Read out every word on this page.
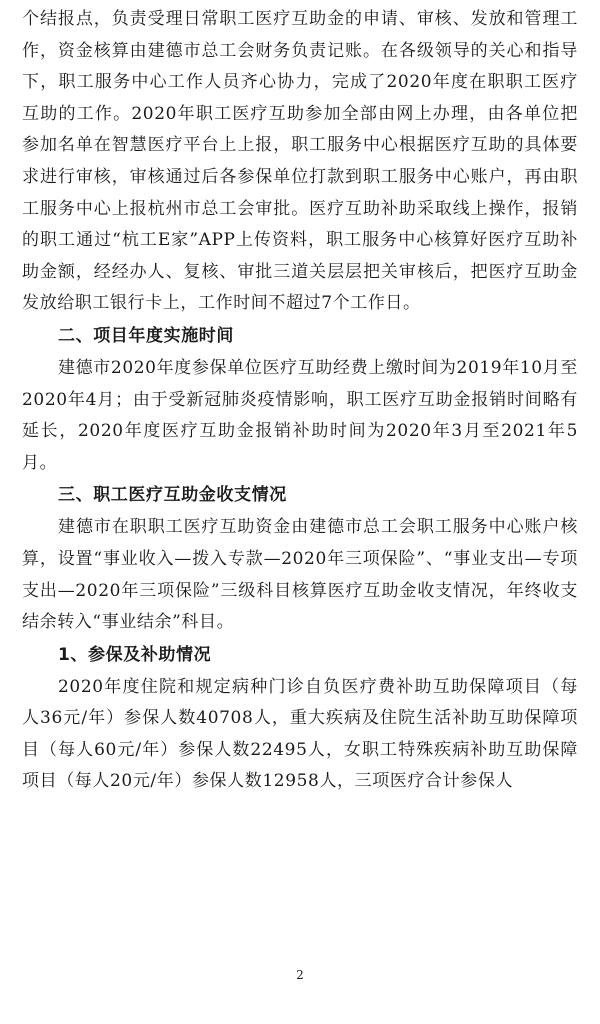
个结报点，负责受理日常职工医疗互助金的申请、审核、发放和管理工作，资金核算由建德市总工会财务负责记账。在各级领导的关心和指导下，职工服务中心工作人员齐心协力，完成了2020年度在职职工医疗互助的工作。2020年职工医疗互助参加全部由网上办理，由各单位把参加名单在智慧医疗平台上上报，职工服务中心根据医疗互助的具体要求进行审核，审核通过后各参保单位打款到职工服务中心账户，再由职工服务中心上报杭州市总工会审批。医疗互助补助采取线上操作，报销的职工通过“杭工E家”APP上传资料，职工服务中心核算好医疗互助补助金额，经经办人、复核、审批三道关层层把关审核后，把医疗互助金发放给职工银行卡上，工作时间不超过7个工作日。

二、项目年度实施时间

建德市2020年度参保单位医疗互助经费上缴时间为2019年10月至2020年4月；由于受新冠肺炎疫情影响，职工医疗互助金报销时间略有延长，2020年度医疗互助金报销补助时间为2020年3月至2021年5月。

三、职工医疗互助金收支情况

建德市在职职工医疗互助资金由建德市总工会职工服务中心账户核算，设置“事业收入—拨入专款—2020年三项保险”、“事业支出—专项支出—2020年三项保险”三级科目核算医疗互助金收支情况，年终收支结余转入“事业结余”科目。

1、参保及补助情况

2020年度住院和规定病种门诊自负医疗费补助互助保障项目（每人36元/年）参保人数40708人，重大疾病及住院生活补助互助保障项目（每人60元/年）参保人数22495人，女职工特殊疾病补助互助保障项目（每人20元/年）参保人数12958人，三项医疗合计参保人

2
